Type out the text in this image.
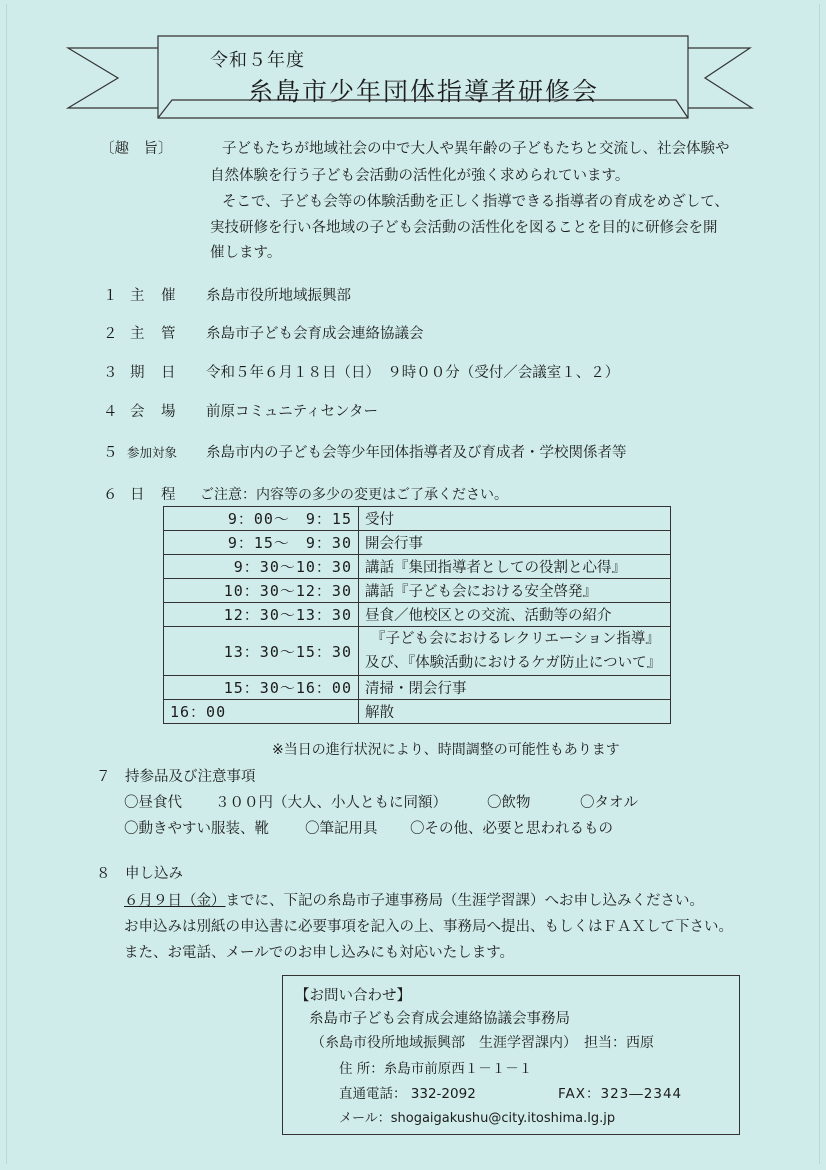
令和５年度
糸島市少年団体指導者研修会
〔趣　旨〕	子どもたちが地域社会の中で大人や異年齢の子どもたちと交流し、社会体験や
自然体験を行う子ども会活動の活性化が強く求められています。
そこで、子ども会等の体験活動を正しく指導できる指導者の育成をめざして、
実技研修を行い各地域の子ども会活動の活性化を図ることを目的に研修会を開
催します。
１ 主　催 糸島市役所地域振興部
２ 主　管 糸島市子ども会育成会連絡協議会
３ 期　日 令和５年６月１８日（日）　９時００分（受付／会議室１、２）
４ 会　場 前原コミュニティセンター
５ 参加対象 糸島市内の子ども会等少年団体指導者及び育成者・学校関係者等
６ 日　程 ご注意：内容等の多少の変更はご了承ください。
9：00～　9：15	受付
9：15～　9：30	開会行事
9：30～10：30	講話『集団指導者としての役割と心得』
10：30～12：30	講話『子ども会における安全啓発』
12：30～13：30	昼食／他校区との交流、活動等の紹介
13：30～15：30	『子ども会におけるレクリエーション指導』
及び、『体験活動におけるケガ防止について』

15：30～16：00	清掃・閉会行事
16：00	解散
※当日の進行状況により、時間調整の可能性もあります
７ 持参品及び注意事項
〇昼食代 ３００円（大人、小人ともに同額）	〇飲物	〇タオル
〇動きやすい服装、靴 〇筆記用具 〇その他、必要と思われるもの
８ 申し込み
６月９日（金）までに、下記の糸島市子連事務局（生涯学習課）へお申し込みください。
お申込みは別紙の申込書に必要事項を記入の上、事務局へ提出、もしくはＦＡＸして下さい。
また、お電話、メールでのお申し込みにも対応いたします。
【お問い合わせ】
糸島市子ども会育成会連絡協議会事務局
（糸島市役所地域振興部　生涯学習課内）　担当：西原
住 所：糸島市前原西１－１－１
直通電話： 332-2092	FAX：323―2344
メール：shogaigakushu@city.itoshima.lg.jp
